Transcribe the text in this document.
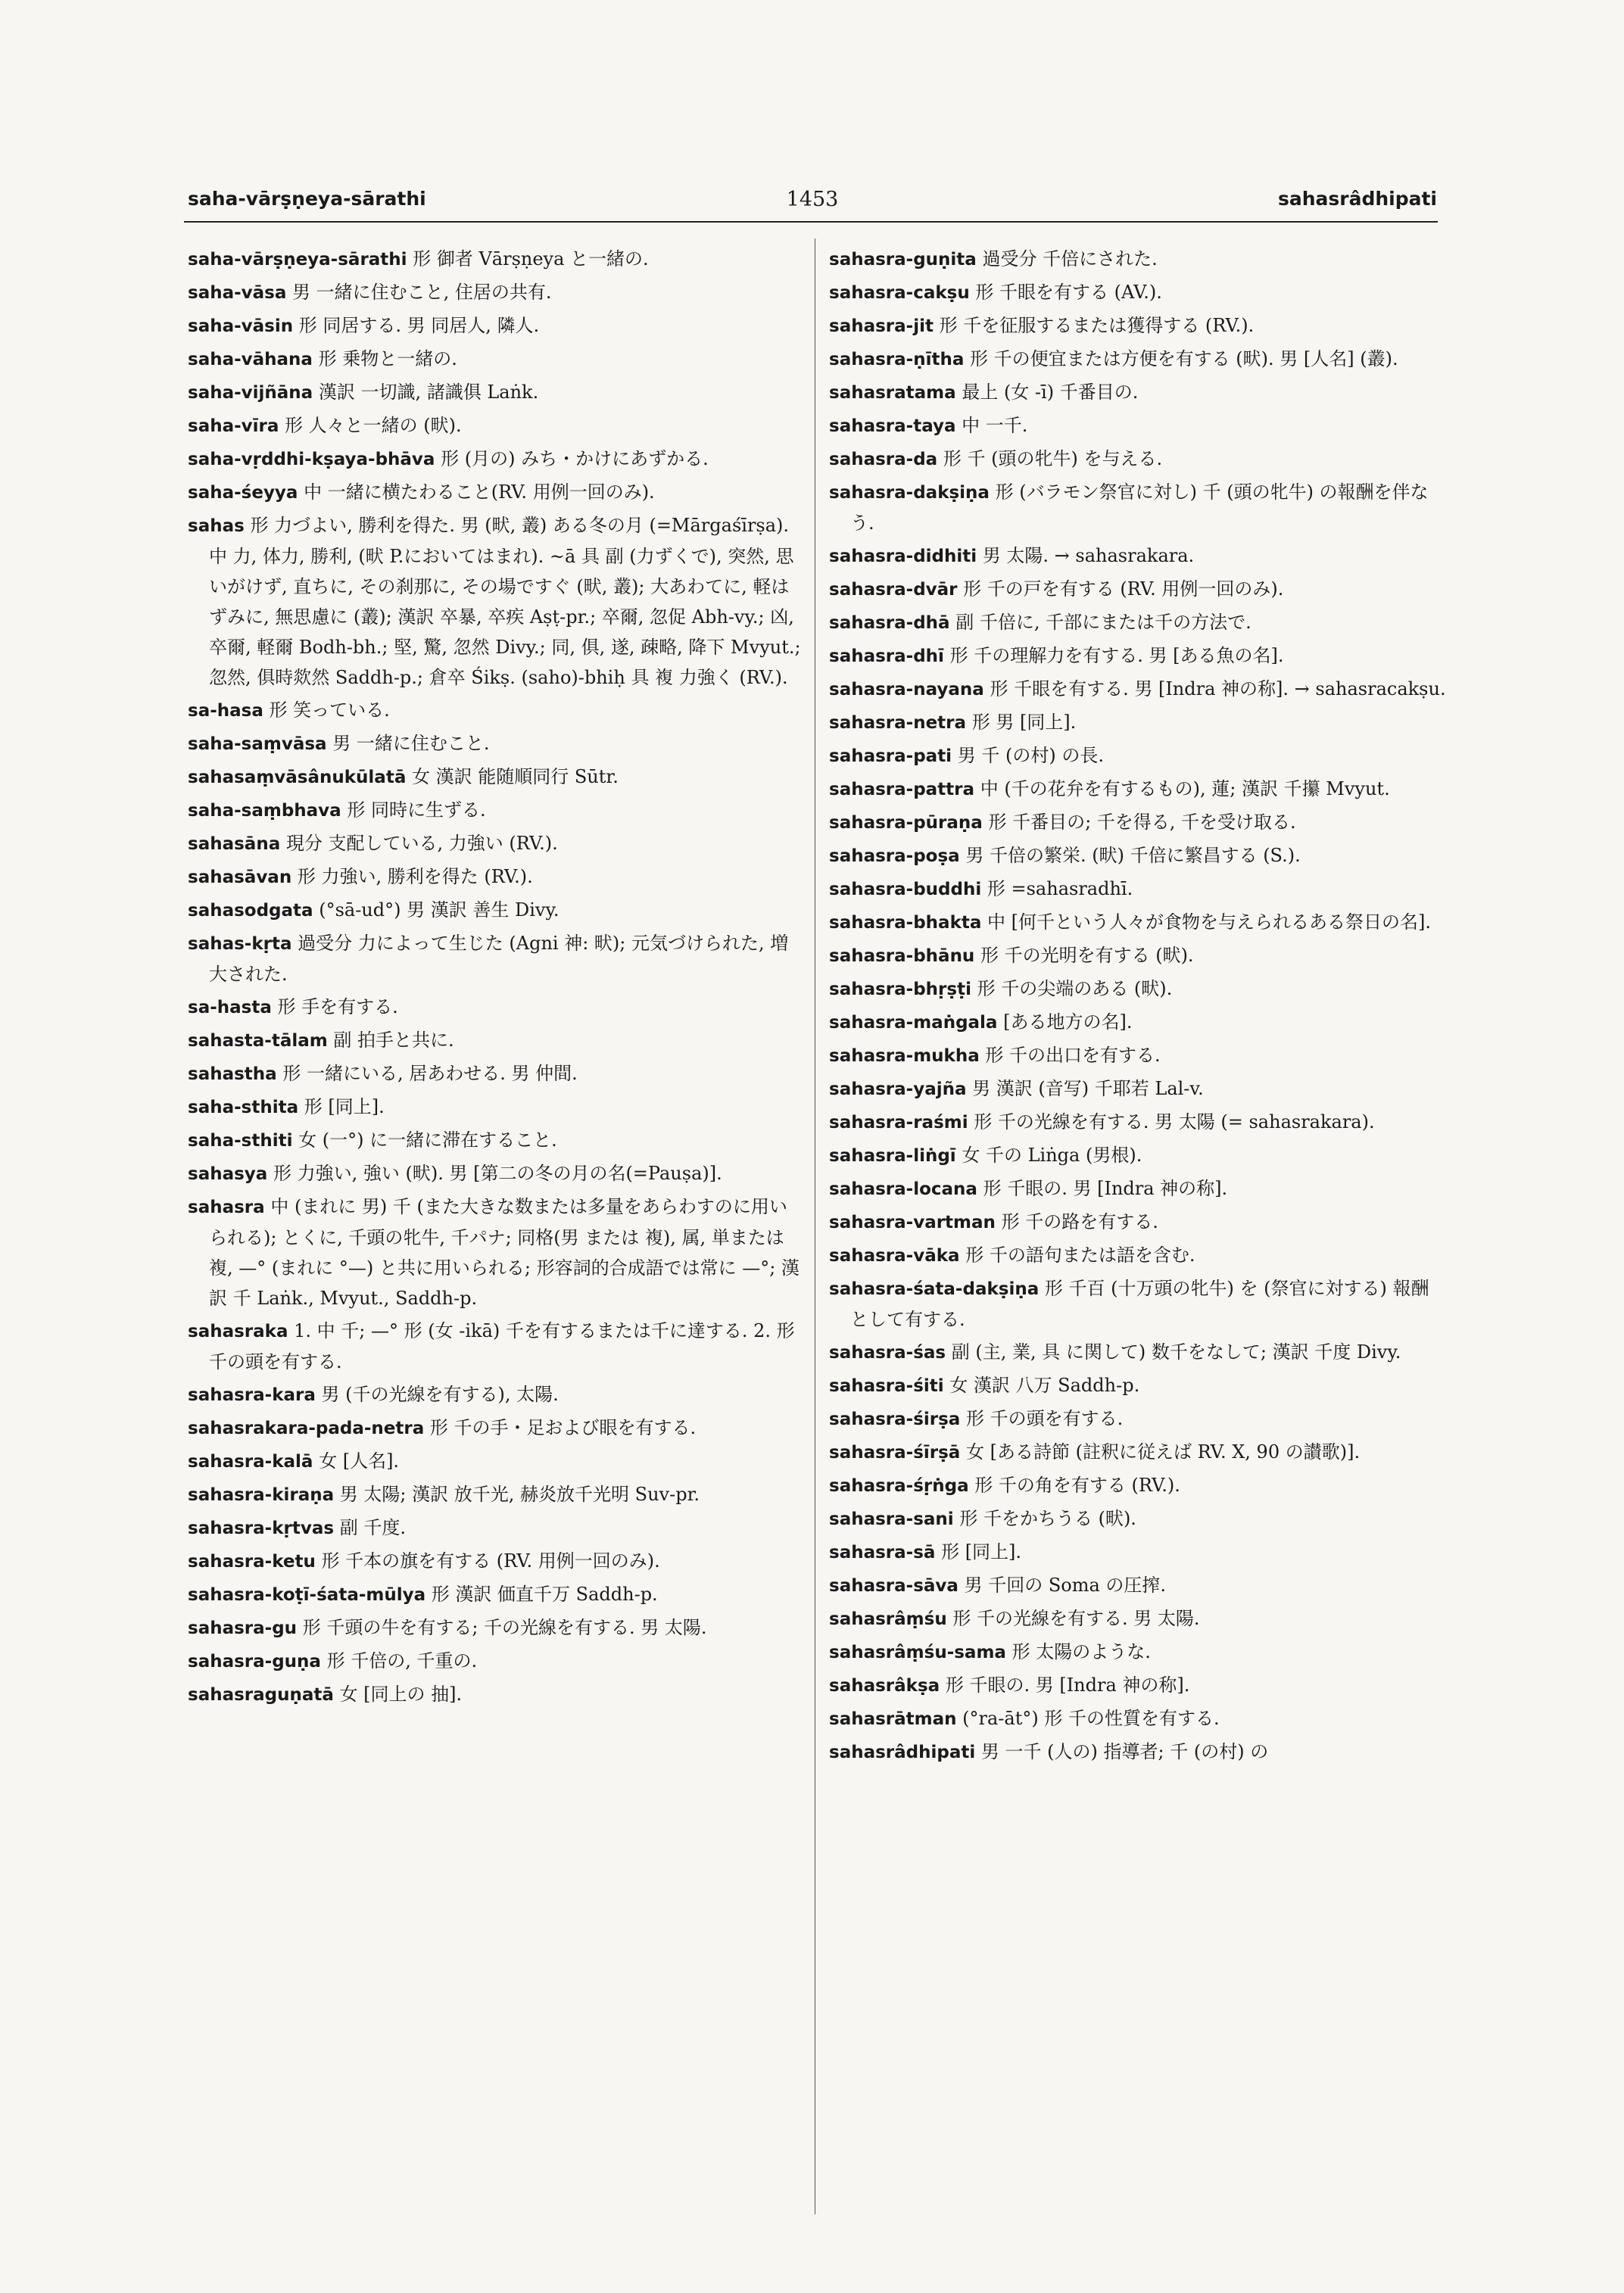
saha-vārṣṇeya-sārathi	1453	sahasrâdhipati
saha-vārṣṇeya-sārathi 形 御者 Vārṣṇeya と一緒の.
saha-vāsa 男 一緒に住むこと, 住居の共有.
saha-vāsin 形 同居する. 男 同居人, 隣人.
saha-vāhana 形 乗物と一緒の.
saha-vijñāna 漢訳 一切識, 諸識俱 Laṅk.
saha-vīra 形 人々と一緒の (畎).
saha-vṛddhi-kṣaya-bhāva 形 (月の) みち・かけにあずかる.
saha-śeyya 中 一緒に横たわること(RV. 用例一回のみ).
sahas 形 力づよい, 勝利を得た. 男 (畎, 叢) ある冬の月 (=Mārgaśīrṣa). 中 力, 体力, 勝利, (畎 P.においてはまれ). ~ā 具 副 (力ずくで), 突然, 思いがけず, 直ちに, その刹那に, その場ですぐ (畎, 叢); 大あわてに, 軽はずみに, 無思慮に (叢); 漢訳 卒暴, 卒疾 Aṣṭ-pr.; 卒爾, 忽促 Abh-vy.; 凶, 卒爾, 軽爾 Bodh-bh.; 堅, 驚, 忽然 Divy.; 同, 俱, 遂, 疎略, 降下 Mvyut.; 忽然, 俱時欻然 Saddh-p.; 倉卒 Śikṣ. (saho)-bhiḥ 具 複 力強く (RV.).
sa-hasa 形 笑っている.
saha-saṃvāsa 男 一緒に住むこと.
sahasaṃvāsânukūlatā 女 漢訳 能随順同行 Sūtr.
saha-saṃbhava 形 同時に生ずる.
sahasāna 現分 支配している, 力強い (RV.).
sahasāvan 形 力強い, 勝利を得た (RV.).
sahasodgata (°sā-ud°) 男 漢訳 善生 Divy.
sahas-kṛta 過受分 力によって生じた (Agni 神: 畎); 元気づけられた, 増大された.
sa-hasta 形 手を有する.
sahasta-tālam 副 拍手と共に.
sahastha 形 一緒にいる, 居あわせる. 男 仲間.
saha-sthita 形 [同上].
saha-sthiti 女 (一°) に一緒に滞在すること.
sahasya 形 力強い, 強い (畎). 男 [第二の冬の月の名(=Pauṣa)].
sahasra 中 (まれに 男) 千 (また大きな数または多量をあらわすのに用いられる); とくに, 千頭の牝牛, 千パナ; 同格(男 または 複), 属, 単または 複, —° (まれに °—) と共に用いられる; 形容詞的合成語では常に —°; 漢訳 千 Laṅk., Mvyut., Saddh-p.
sahasraka 1. 中 千; —° 形 (女 -ikā) 千を有するまたは千に達する. 2. 形 千の頭を有する.
sahasra-kara 男 (千の光線を有する), 太陽.
sahasrakara-pada-netra 形 千の手・足および眼を有する.
sahasra-kalā 女 [人名].
sahasra-kiraṇa 男 太陽; 漢訳 放千光, 赫炎放千光明 Suv-pr.
sahasra-kṛtvas 副 千度.
sahasra-ketu 形 千本の旗を有する (RV. 用例一回のみ).
sahasra-koṭī-śata-mūlya 形 漢訳 価直千万 Saddh-p.
sahasra-gu 形 千頭の牛を有する; 千の光線を有する. 男 太陽.
sahasra-guṇa 形 千倍の, 千重の.
sahasraguṇatā 女 [同上の 抽].
sahasra-guṇita 過受分 千倍にされた.
sahasra-cakṣu 形 千眼を有する (AV.).
sahasra-jit 形 千を征服するまたは獲得する (RV.).
sahasra-ṇītha 形 千の便宜または方便を有する (畎). 男 [人名] (叢).
sahasratama 最上 (女 -ī) 千番目の.
sahasra-taya 中 一千.
sahasra-da 形 千 (頭の牝牛) を与える.
sahasra-dakṣiṇa 形 (バラモン祭官に対し) 千 (頭の牝牛) の報酬を伴なう.
sahasra-didhiti 男 太陽. → sahasrakara.
sahasra-dvār 形 千の戸を有する (RV. 用例一回のみ).
sahasra-dhā 副 千倍に, 千部にまたは千の方法で.
sahasra-dhī 形 千の理解力を有する. 男 [ある魚の名].
sahasra-nayana 形 千眼を有する. 男 [Indra 神の称]. → sahasracakṣu.
sahasra-netra 形 男 [同上].
sahasra-pati 男 千 (の村) の長.
sahasra-pattra 中 (千の花弁を有するもの), 蓮; 漢訳 千攥 Mvyut.
sahasra-pūraṇa 形 千番目の; 千を得る, 千を受け取る.
sahasra-poṣa 男 千倍の繁栄. (畎) 千倍に繁昌する (S.).
sahasra-buddhi 形 =sahasradhī.
sahasra-bhakta 中 [何千という人々が食物を与えられるある祭日の名].
sahasra-bhānu 形 千の光明を有する (畎).
sahasra-bhṛṣṭi 形 千の尖端のある (畎).
sahasra-maṅgala [ある地方の名].
sahasra-mukha 形 千の出口を有する.
sahasra-yajña 男 漢訳 (音写) 千耶若 Lal-v.
sahasra-raśmi 形 千の光線を有する. 男 太陽 (= sahasrakara).
sahasra-liṅgī 女 千の Liṅga (男根).
sahasra-locana 形 千眼の. 男 [Indra 神の称].
sahasra-vartman 形 千の路を有する.
sahasra-vāka 形 千の語句または語を含む.
sahasra-śata-dakṣiṇa 形 千百 (十万頭の牝牛) を (祭官に対する) 報酬として有する.
sahasra-śas 副 (主, 業, 具 に関して) 数千をなして; 漢訳 千度 Divy.
sahasra-śiti 女 漢訳 八万 Saddh-p.
sahasra-śirṣa 形 千の頭を有する.
sahasra-śīrṣā 女 [ある詩節 (註釈に従えば RV. X, 90 の讃歌)].
sahasra-śṛṅga 形 千の角を有する (RV.).
sahasra-sani 形 千をかちうる (畎).
sahasra-sā 形 [同上].
sahasra-sāva 男 千回の Soma の圧搾.
sahasrâṃśu 形 千の光線を有する. 男 太陽.
sahasrâṃśu-sama 形 太陽のような.
sahasrâkṣa 形 千眼の. 男 [Indra 神の称].
sahasrātman (°ra-āt°) 形 千の性質を有する.
sahasrâdhipati 男 一千 (人の) 指導者; 千 (の村) の
